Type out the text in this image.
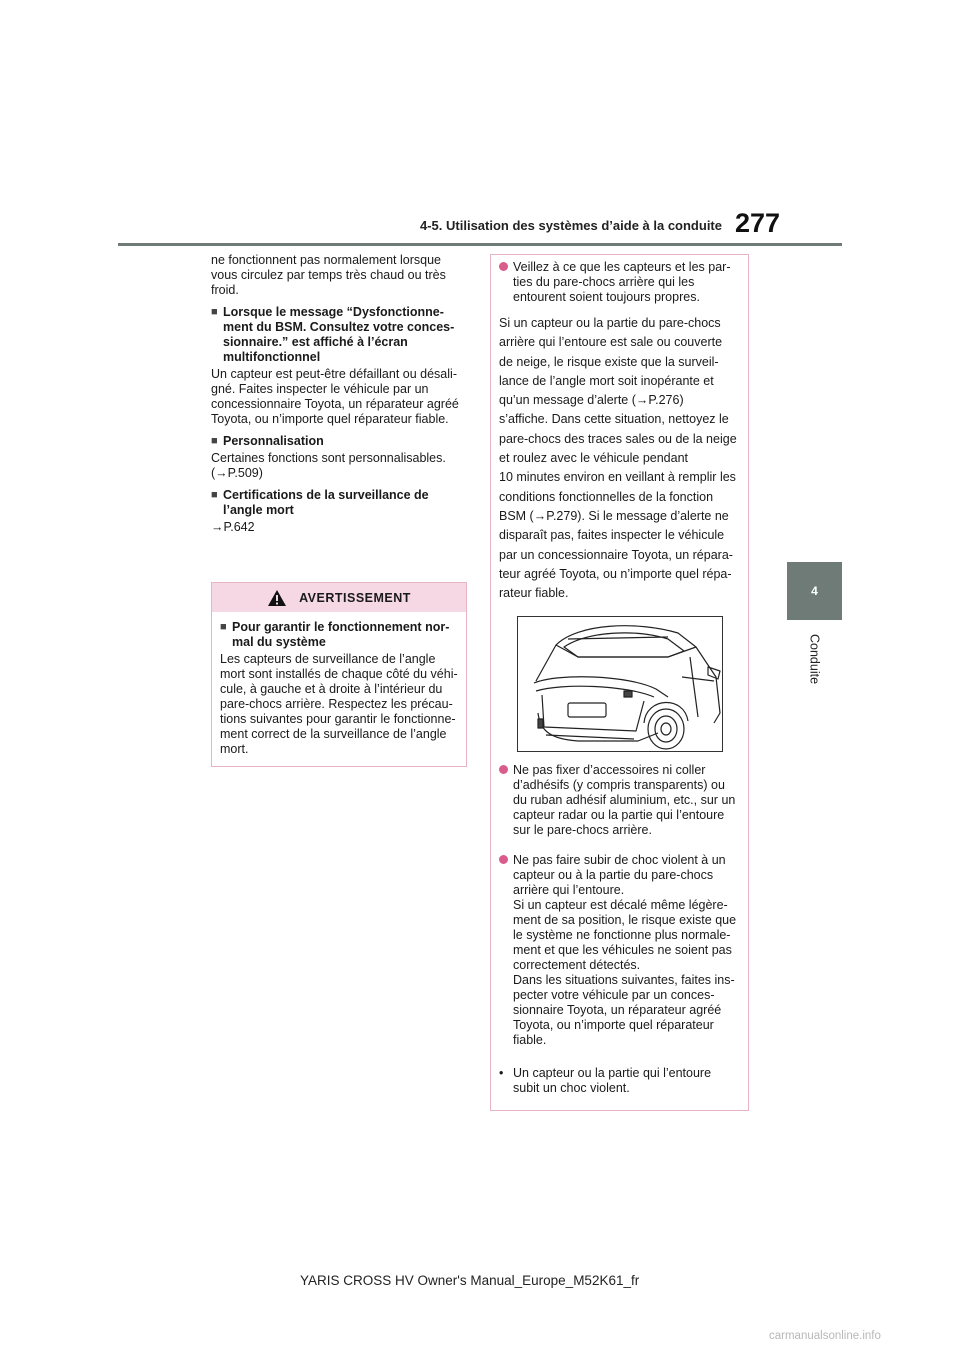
4-5. Utilisation des systèmes d’aide à la conduite 277
4
Conduite

ne fonctionnent pas normalement lorsque vous circulez par temps très chaud ou très froid.

■ Lorsque le message “Dysfonctionne- ment du BSM. Consultez votre conces- sionnaire.” est affiché à l’écran multifonctionnel

Un capteur est peut-être défaillant ou désali- gné. Faites inspecter le véhicule par un concessionnaire Toyota, un réparateur agréé Toyota, ou n’importe quel réparateur fiable.

■ Personnalisation

Certaines fonctions sont personnalisables. (→P.509)

■ Certifications de la surveillance de l’angle mort

→P.642

AVERTISSEMENT
■ Pour garantir le fonctionnement nor- mal du système

Les capteurs de surveillance de l’angle mort sont installés de chaque côté du véhi- cule, à gauche et à droite à l’intérieur du pare-chocs arrière. Respectez les précau- tions suivantes pour garantir le fonctionne- ment correct de la surveillance de l’angle mort.

Veillez à ce que les capteurs et les par- ties du pare-chocs arrière qui les entourent soient toujours propres.
Si un capteur ou la partie du pare-chocs
arrière qui l’entoure est sale ou couverte
de neige, le risque existe que la surveil-
lance de l’angle mort soit inopérante et
qu’un message d’alerte (→P.276)
s’affiche. Dans cette situation, nettoyez le
pare-chocs des traces sales ou de la neige
et roulez avec le véhicule pendant
10 minutes environ en veillant à remplir les
conditions fonctionnelles de la fonction
BSM (→P.279). Si le message d’alerte ne
disparaît pas, faites inspecter le véhicule
par un concessionnaire Toyota, un répara-
teur agréé Toyota, ou n’importe quel répa-
rateur fiable.
Ne pas fixer d’accessoires ni coller d’adhésifs (y compris transparents) ou du ruban adhésif aluminium, etc., sur un capteur radar ou la partie qui l’entoure sur le pare-chocs arrière.
Ne pas faire subir de choc violent à un capteur ou à la partie du pare-chocs arrière qui l’entoure.
Si un capteur est décalé même légère- ment de sa position, le risque existe que le système ne fonctionne plus normale- ment et que les véhicules ne soient pas correctement détectés.
Dans les situations suivantes, faites ins- pecter votre véhicule par un conces- sionnaire Toyota, un réparateur agréé Toyota, ou n’importe quel réparateur fiable.
• Un capteur ou la partie qui l’entoure subit un choc violent.
YARIS CROSS HV Owner's Manual_Europe_M52K61_fr
carmanualsonline.info
